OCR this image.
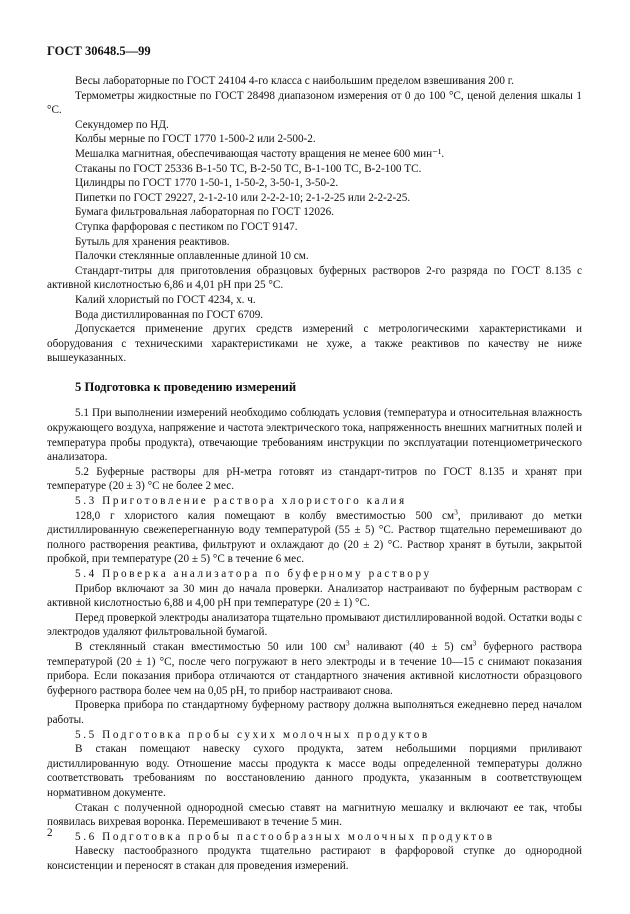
ГОСТ 30648.5—99

Весы лабораторные по ГОСТ 24104 4-го класса с наибольшим пределом взвешивания 200 г.

Термометры жидкостные по ГОСТ 28498 диапазоном измерения от 0 до 100 °С, ценой деления шкалы 1 °С.

Секундомер по НД.

Колбы мерные по ГОСТ 1770 1-500-2 или 2-500-2.

Мешалка магнитная, обеспечивающая частоту вращения не менее 600 мин⁻¹.

Стаканы по ГОСТ 25336 В-1-50 ТС, В-2-50 ТС, В-1-100 ТС, В-2-100 ТС.

Цилиндры по ГОСТ 1770 1-50-1, 1-50-2, 3-50-1, 3-50-2.

Пипетки по ГОСТ 29227, 2-1-2-10 или 2-2-2-10; 2-1-2-25 или 2-2-2-25.

Бумага фильтровальная лабораторная по ГОСТ 12026.

Ступка фарфоровая с пестиком по ГОСТ 9147.

Бутыль для хранения реактивов.

Палочки стеклянные оплавленные длиной 10 см.

Стандарт-титры для приготовления образцовых буферных растворов 2-го разряда по ГОСТ 8.135 с активной кислотностью 6,86 и 4,01 pH при 25 °С.

Калий хлористый по ГОСТ 4234, х. ч.

Вода дистиллированная по ГОСТ 6709.

Допускается применение других средств измерений с метрологическими характеристиками и оборудования с техническими характеристиками не хуже, а также реактивов по качеству не ниже вышеуказанных.

5 Подготовка к проведению измерений

5.1 При выполнении измерений необходимо соблюдать условия (температура и относительная влажность окружающего воздуха, напряжение и частота электрического тока, напряженность внешних магнитных полей и температура пробы продукта), отвечающие требованиям инструкции по эксплуатации потенциометрического анализатора.

5.2 Буферные растворы для рН-метра готовят из стандарт-титров по ГОСТ 8.135 и хранят при температуре (20 ± 3) °С не более 2 мес.

5.3 Приготовление раствора хлористого калия

128,0 г хлористого калия помещают в колбу вместимостью 500 $см^3$, приливают до метки дистиллированную свежеперегнанную воду температурой (55 ± 5) °С. Раствор тщательно перемешивают до полного растворения реактива, фильтруют и охлаждают до (20 ± 2) °С. Раствор хранят в бутыли, закрытой пробкой, при температуре (20 ± 5) °С в течение 6 мес.

5.4 Проверка анализатора по буферному раствору

Прибор включают за 30 мин до начала проверки. Анализатор настраивают по буферным растворам с активной кислотностью 6,88 и 4,00 pH при температуре (20 ± 1) °С.

Перед проверкой электроды анализатора тщательно промывают дистиллированной водой. Остатки воды с электродов удаляют фильтровальной бумагой.

В стеклянный стакан вместимостью 50 или 100 $см^3$ наливают (40 ± 5) $см^3$ буферного раствора температурой (20 ± 1) °С, после чего погружают в него электроды и в течение 10—15 с снимают показания прибора. Если показания прибора отличаются от стандартного значения активной кислотности образцового буферного раствора более чем на 0,05 рН, то прибор настраивают снова.

Проверка прибора по стандартному буферному раствору должна выполняться ежедневно перед началом работы.

5.5 Подготовка пробы сухих молочных продуктов

В стакан помещают навеску сухого продукта, затем небольшими порциями приливают дистиллированную воду. Отношение массы продукта к массе воды определенной температуры должно соответствовать требованиям по восстановлению данного продукта, указанным в соответствующем нормативном документе.

Стакан с полученной однородной смесью ставят на магнитную мешалку и включают ее так, чтобы появилась вихревая воронка. Перемешивают в течение 5 мин.

5.6 Подготовка пробы пастообразных молочных продуктов

Навеску пастообразного продукта тщательно растирают в фарфоровой ступке до однородной консистенции и переносят в стакан для проведения измерений.

2
